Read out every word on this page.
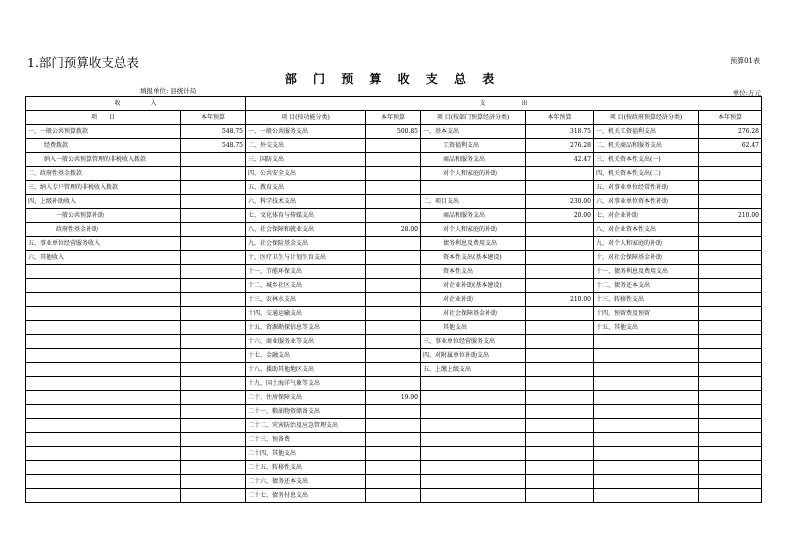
1.部门预算收支总表	预算01表
部 门 预 算 收 支 总 表
填报单位: 县统计局	单位:万元
收　　　　　入		支　　　　　　出					
项　　目	本年预算	项 目(按功能分类)	本年预算	项 目(按部门预算经济分类)	本年预算	项 目(按政府预算经济分类)	本年预算
一、一般公共预算拨款	548.75	一、一般公共服务支出	500.85	一、基本支出	318.75	一、机关工资福利支出	276.28
经费拨款	548.75	二、外交支出		工资福利支出	276.28	二、机关商品和服务支出	62.47
纳入一般公共预算管理的非税收入拨款		三、国防支出		商品和服务支出	42.47	三、机关资本性支出(一)	
二、政府性基金拨款		四、公共安全支出		对个人和家庭的补助		四、机关资本性支出(二)	
三、纳入专户管理的非税收入拨款		五、教育支出				五、对事业单位经常性补助	
四、上级补助收入		六、科学技术支出		二、项目支出	230.00	六、对事业单位资本性补助	
一般公共预算补助		七、文化体育与传媒支出		商品和服务支出	20.00	七、对企业补助	210.00
政府性基金补助		八、社会保障和就业支出	28.00	对个人和家庭的补助		八、对企业资本性支出	
五、事业单位经营服务收入		九、社会保险基金支出		债务利息及费用支出		九、对个人和家庭的补助	
六、其他收入		十、医疗卫生与计划生育支出		资本性支出(基本建设)		十、对社会保障基金补助	
		十一、节能环保支出		资本性支出		十一、债务利息及费用支出	
		十二、城乡社区支出		对企业补助(基本建设)		十二、债务还本支出	
		十三、农林水支出		对企业补助	210.00	十三、转移性支出	
		十四、交通运输支出		对社会保障基金补助		十四、预留费及预留	
		十五、资源勘探信息等支出		其他支出		十五、其他支出	
		十六、商业服务业等支出		三、事业单位经营服务支出			
		十七、金融支出		四、对附属单位补助支出			
		十八、援助其他地区支出		五、上缴上级支出			
		十九、国土海洋气象等支出					
		二十、住房保障支出	19.90				
		二十一、粮油物资储备支出					
		二十二、灾害防治及应急管理支出					
		二十三、预备费					
		二十四、其他支出					
		二十五、转移性支出					
		二十六、债务还本支出					
		二十七、债务付息支出					
